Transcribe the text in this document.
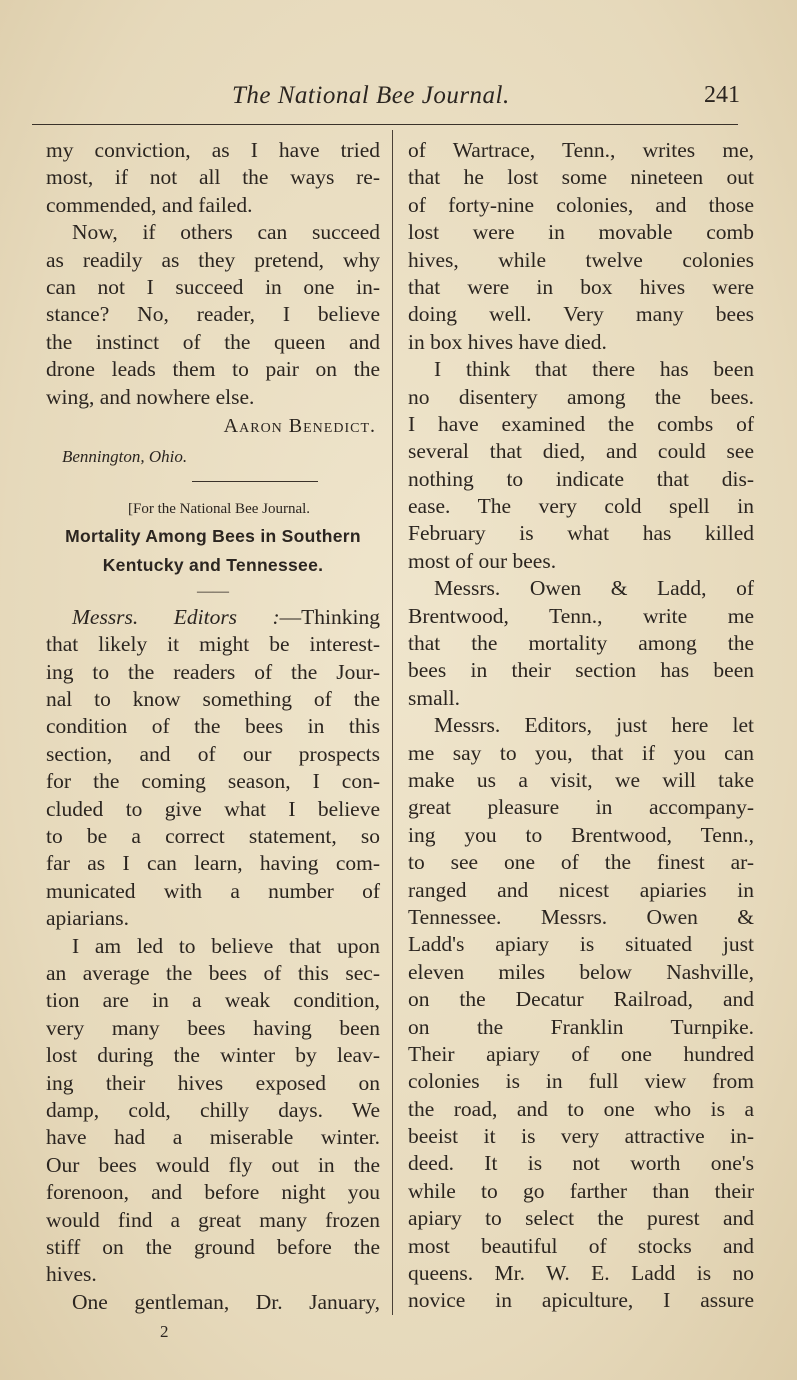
The National Bee Journal.	241
my conviction, as I have tried
most, if not all the ways re-
commended, and failed.
Now, if others can succeed
as readily as they pretend, why
can not I succeed in one in-
stance? No, reader, I believe
the instinct of the queen and
drone leads them to pair on the
wing, and nowhere else.
Aaron Benedict.
Bennington, Ohio.
[For the National Bee Journal.
Mortality Among Bees in Southern
Kentucky and Tennessee.
——
Messrs. Editors :—Thinking
that likely it might be interest-
ing to the readers of the Jour-
nal to know something of the
condition of the bees in this
section, and of our prospects
for the coming season, I con-
cluded to give what I believe
to be a correct statement, so
far as I can learn, having com-
municated with a number of
apiarians.
I am led to believe that upon
an average the bees of this sec-
tion are in a weak condition,
very many bees having been
lost during the winter by leav-
ing their hives exposed on
damp, cold, chilly days. We
have had a miserable winter.
Our bees would fly out in the
forenoon, and before night you
would find a great many frozen
stiff on the ground before the
hives.
One gentleman, Dr. January,
of Wartrace, Tenn., writes me,
that he lost some nineteen out
of forty-nine colonies, and those
lost were in movable comb
hives, while twelve colonies
that were in box hives were
doing well. Very many bees
in box hives have died.
I think that there has been
no disentery among the bees.
I have examined the combs of
several that died, and could see
nothing to indicate that dis-
ease. The very cold spell in
February is what has killed
most of our bees.
Messrs. Owen & Ladd, of
Brentwood, Tenn., write me
that the mortality among the
bees in their section has been
small.
Messrs. Editors, just here let
me say to you, that if you can
make us a visit, we will take
great pleasure in accompany-
ing you to Brentwood, Tenn.,
to see one of the finest ar-
ranged and nicest apiaries in
Tennessee. Messrs. Owen &
Ladd's apiary is situated just
eleven miles below Nashville,
on the Decatur Railroad, and
on the Franklin Turnpike.
Their apiary of one hundred
colonies is in full view from
the road, and to one who is a
beeist it is very attractive in-
deed. It is not worth one's
while to go farther than their
apiary to select the purest and
most beautiful of stocks and
queens. Mr. W. E. Ladd is no
novice in apiculture, I assure
2
